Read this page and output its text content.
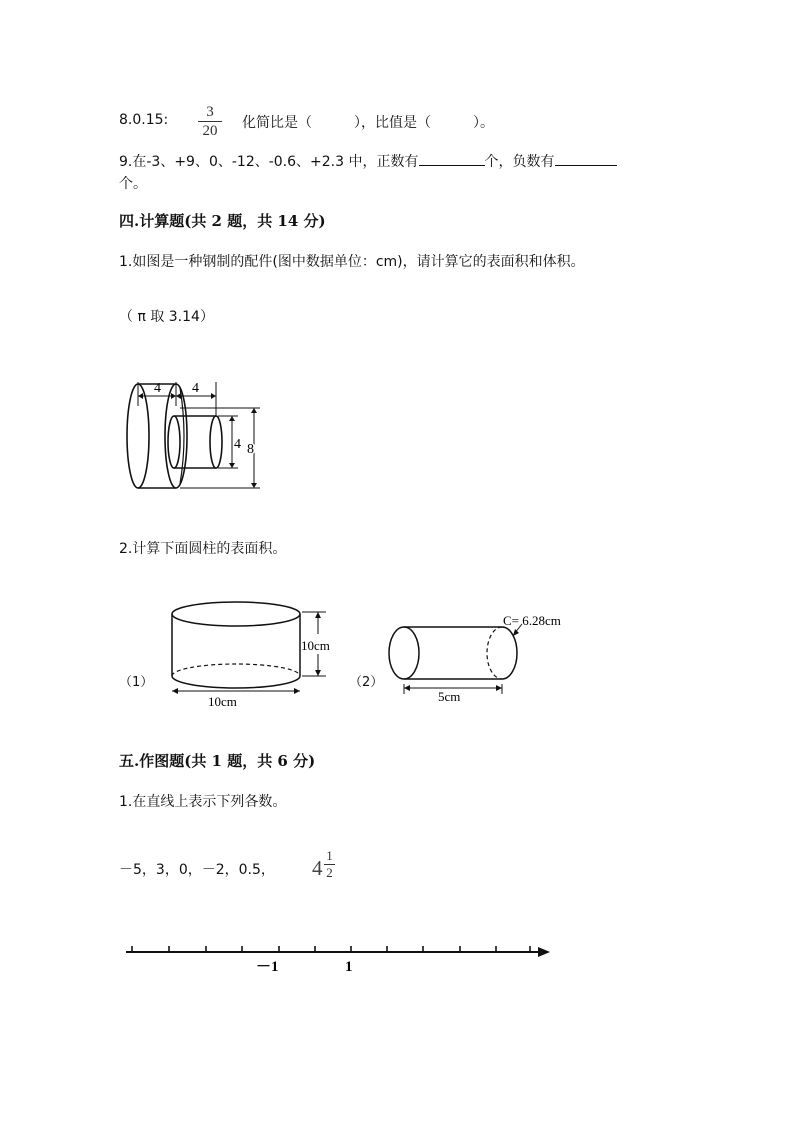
8.0.15:	3
20	化简比是（　　　），比值是（　　　）。
9.在-3、+9、0、-12、-0.6、+2.3 中，正数有	个，负数有
个。
四.计算题(共 2 题，共 14 分)
1.如图是一种钢制的配件(图中数据单位：cm)，请计算它的表面积和体积。
（ π 取 3.14）
4 4
4 8
2.计算下面圆柱的表面积。
（1）
10cm
10cm
（2）
C= 6.28cm
5cm
五.作图题(共 1 题，共 6 分)
1.在直线上表示下列各数。
－5，3，0，－2，0.5， 4
1
2
－1	1
